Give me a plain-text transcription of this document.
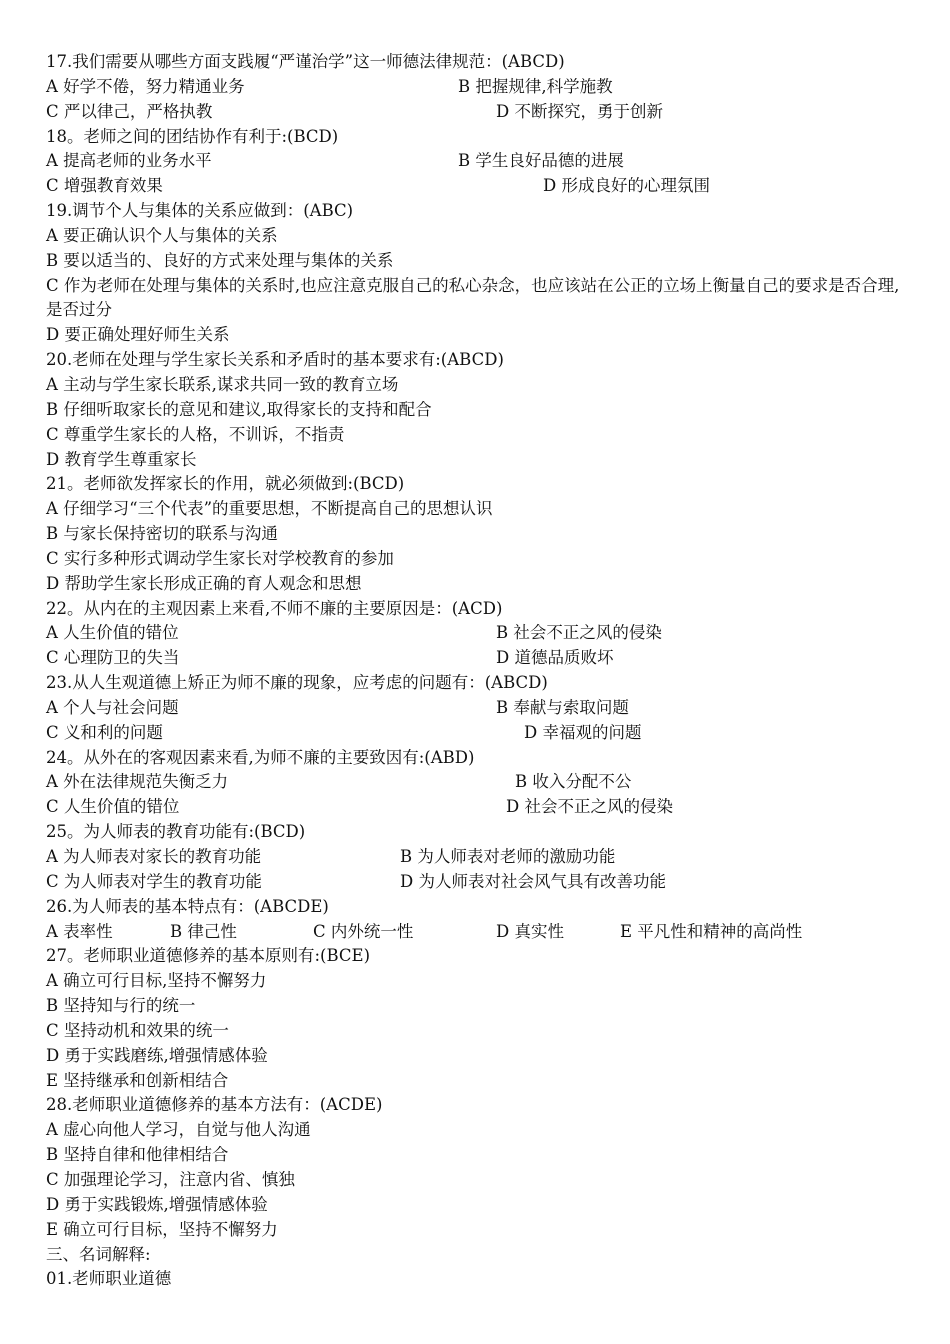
17.我们需要从哪些方面支践履“严谨治学”这一师德法律规范：(ABCD)
A 好学不倦，努力精通业务	B 把握规律,科学施教
C 严以律己，严格执教	D 不断探究，勇于创新
18。老师之间的团结协作有利于:(BCD)
A 提高老师的业务水平	B 学生良好品德的进展
C 增强教育效果	D 形成良好的心理氛围
19.调节个人与集体的关系应做到：(ABC)
A 要正确认识个人与集体的关系
B 要以适当的、良好的方式来处理与集体的关系
C 作为老师在处理与集体的关系时,也应注意克服自己的私心杂念，也应该站在公正的立场上衡量自己的要求是否合理,是否过分
D 要正确处理好师生关系
20.老师在处理与学生家长关系和矛盾时的基本要求有:(ABCD)
A 主动与学生家长联系,谋求共同一致的教育立场
B 仔细听取家长的意见和建议,取得家长的支持和配合
C 尊重学生家长的人格，不训诉，不指责
D 教育学生尊重家长
21。老师欲发挥家长的作用，就必须做到:(BCD)
A 仔细学习“三个代表”的重要思想，不断提高自己的思想认识
B 与家长保持密切的联系与沟通
C 实行多种形式调动学生家长对学校教育的参加
D 帮助学生家长形成正确的育人观念和思想
22。从内在的主观因素上来看,不师不廉的主要原因是：(ACD)
A 人生价值的错位	B 社会不正之风的侵染
C 心理防卫的失当	D 道德品质败坏
23.从人生观道德上矫正为师不廉的现象，应考虑的问题有：(ABCD)
A 个人与社会问题	B 奉献与索取问题
C 义和利的问题	D 幸福观的问题
24。从外在的客观因素来看,为师不廉的主要致因有:(ABD)
A 外在法律规范失衡乏力	B 收入分配不公
C 人生价值的错位	D 社会不正之风的侵染
25。为人师表的教育功能有:(BCD)
A 为人师表对家长的教育功能	B 为人师表对老师的激励功能
C 为人师表对学生的教育功能	D 为人师表对社会风气具有改善功能
26.为人师表的基本特点有：(ABCDE)
A 表率性	B 律己性	C 内外统一性	D 真实性	E 平凡性和精神的高尚性
27。老师职业道德修养的基本原则有:(BCE)
A 确立可行目标,坚持不懈努力
B 坚持知与行的统一
C 坚持动机和效果的统一
D 勇于实践磨练,增强情感体验
E 坚持继承和创新相结合
28.老师职业道德修养的基本方法有：(ACDE)
A 虚心向他人学习，自觉与他人沟通
B 坚持自律和他律相结合
C 加强理论学习，注意内省、慎独
D 勇于实践锻炼,增强情感体验
E 确立可行目标，坚持不懈努力
三、名词解释:
01.老师职业道德
